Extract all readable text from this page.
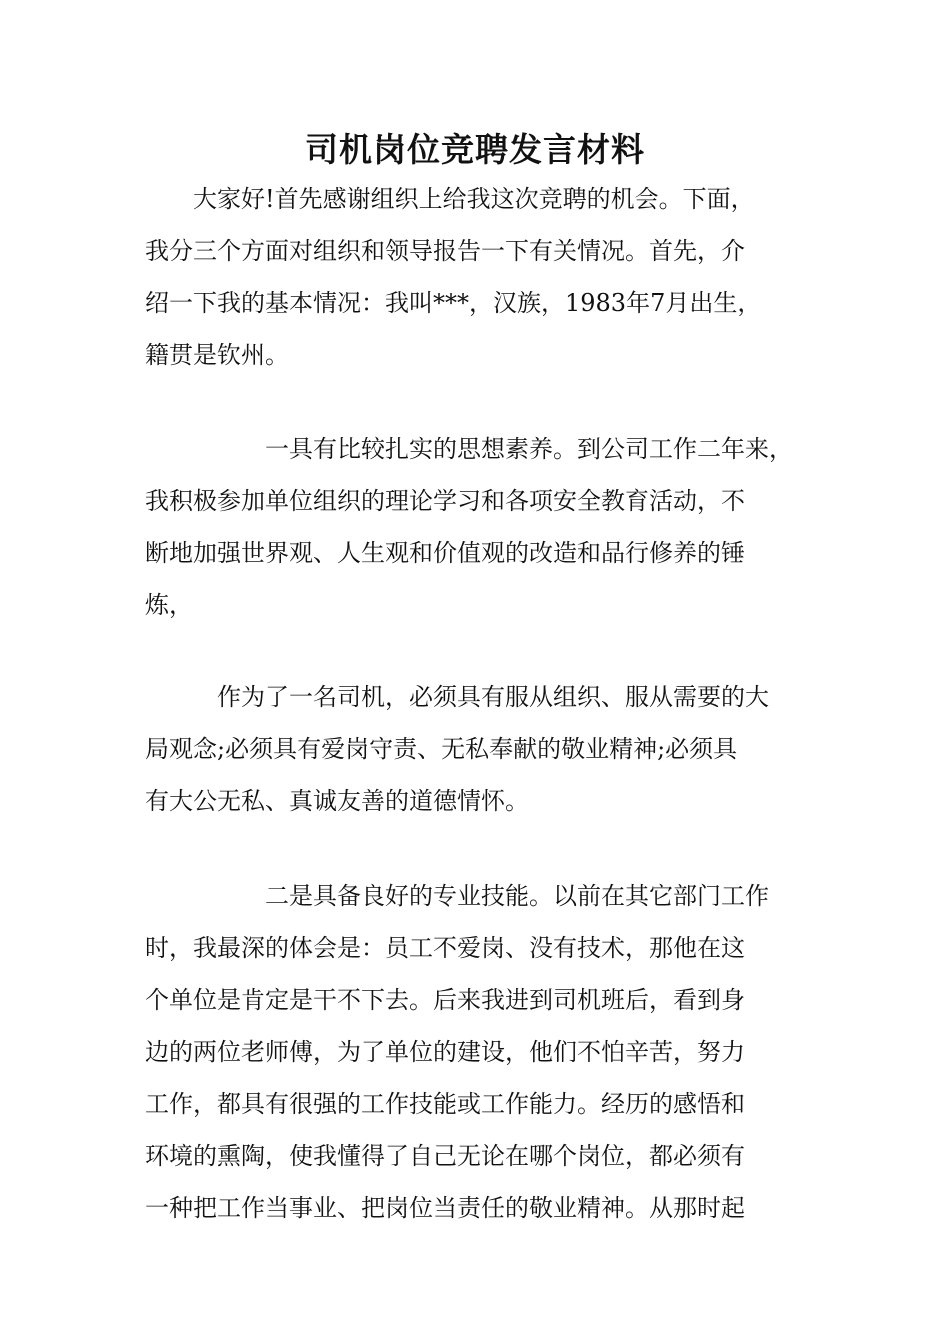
司机岗位竞聘发言材料
　　大家好!首先感谢组织上给我这次竞聘的机会。下面，
我分三个方面对组织和领导报告一下有关情况。首先，介
绍一下我的基本情况：我叫***，汉族，1983年7月出生，
籍贯是钦州。
　　　　　一具有比较扎实的思想素养。到公司工作二年来，
我积极参加单位组织的理论学习和各项安全教育活动，不
断地加强世界观、人生观和价值观的改造和品行修养的锤
炼，
　　　作为了一名司机，必须具有服从组织、服从需要的大
局观念;必须具有爱岗守责、无私奉献的敬业精神;必须具
有大公无私、真诚友善的道德情怀。
　　　　　二是具备良好的专业技能。以前在其它部门工作
时，我最深的体会是：员工不爱岗、没有技术，那他在这
个单位是肯定是干不下去。后来我进到司机班后，看到身
边的两位老师傅，为了单位的建设，他们不怕辛苦，努力
工作，都具有很强的工作技能或工作能力。经历的感悟和
环境的熏陶，使我懂得了自己无论在哪个岗位，都必须有
一种把工作当事业、把岗位当责任的敬业精神。从那时起
